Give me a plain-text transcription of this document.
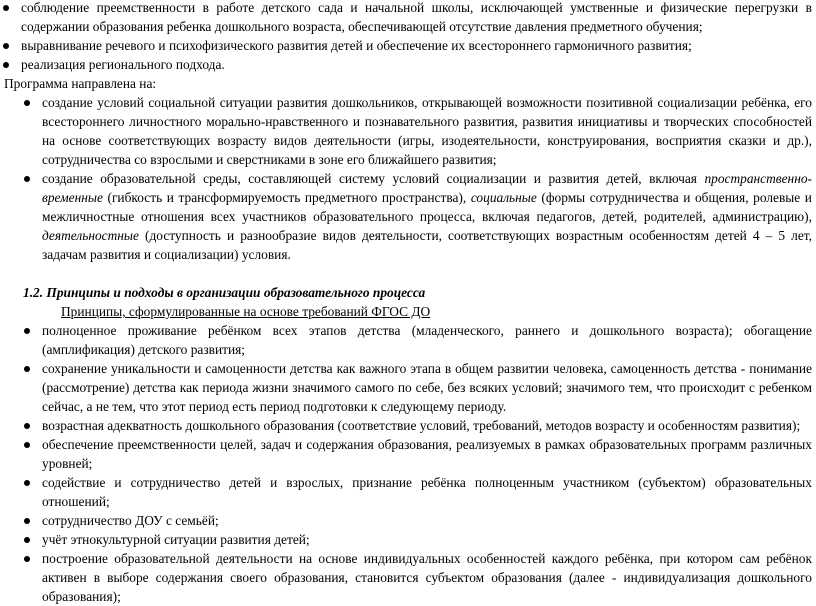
соблюдение преемственности в работе детского сада и начальной школы, исключающей умственные и физические перегрузки в содержании образования ребенка дошкольного возраста, обеспечивающей отсутствие давления предметного обучения;
выравнивание речевого и психофизического развития детей и обеспечение их всестороннего гармоничного развития;
реализация регионального подхода.
Программа направлена на:
создание условий социальной ситуации развития дошкольников, открывающей возможности позитивной социализации ребёнка, его всестороннего личностного морально-нравственного и познавательного развития, развития инициативы и творческих способностей на основе соответствующих возрасту видов деятельности (игры, изодеятельности, конструирования, восприятия сказки и др.), сотрудничества со взрослыми и сверстниками в зоне его ближайшего развития;
создание образовательной среды, составляющей систему условий социализации и развития детей, включая пространственно-временные (гибкость и трансформируемость предметного пространства), социальные (формы сотрудничества и общения, ролевые и межличностные отношения всех участников образовательного процесса, включая педагогов, детей, родителей, администрацию), деятельностные (доступность и разнообразие видов деятельности, соответствующих возрастным особенностям детей 4 – 5 лет, задачам развития и социализации) условия.
1.2. Принципы и подходы в организации образовательного процесса
Принципы, сформулированные на основе требований ФГОС ДО
полноценное проживание ребёнком всех этапов детства (младенческого, раннего и дошкольного возраста); обогащение (амплификация) детского развития;
сохранение уникальности и самоценности детства как важного этапа в общем развитии человека, самоценность детства - понимание (рассмотрение) детства как периода жизни значимого самого по себе, без всяких условий; значимого тем, что происходит с ребенком сейчас, а не тем, что этот период есть период подготовки к следующему периоду.
возрастная адекватность дошкольного образования (соответствие условий, требований, методов возрасту и особенностям развития);
обеспечение преемственности целей, задач и содержания образования, реализуемых в рамках образовательных программ различных уровней;
содействие и сотрудничество детей и взрослых, признание ребёнка полноценным участником (субъектом) образовательных отношений;
сотрудничество ДОУ с семьёй;
учёт этнокультурной ситуации развития детей;
построение образовательной деятельности на основе индивидуальных особенностей каждого ребёнка, при котором сам ребёнок активен в выборе содержания своего образования, становится субъектом образования (далее - индивидуализация дошкольного образования);
